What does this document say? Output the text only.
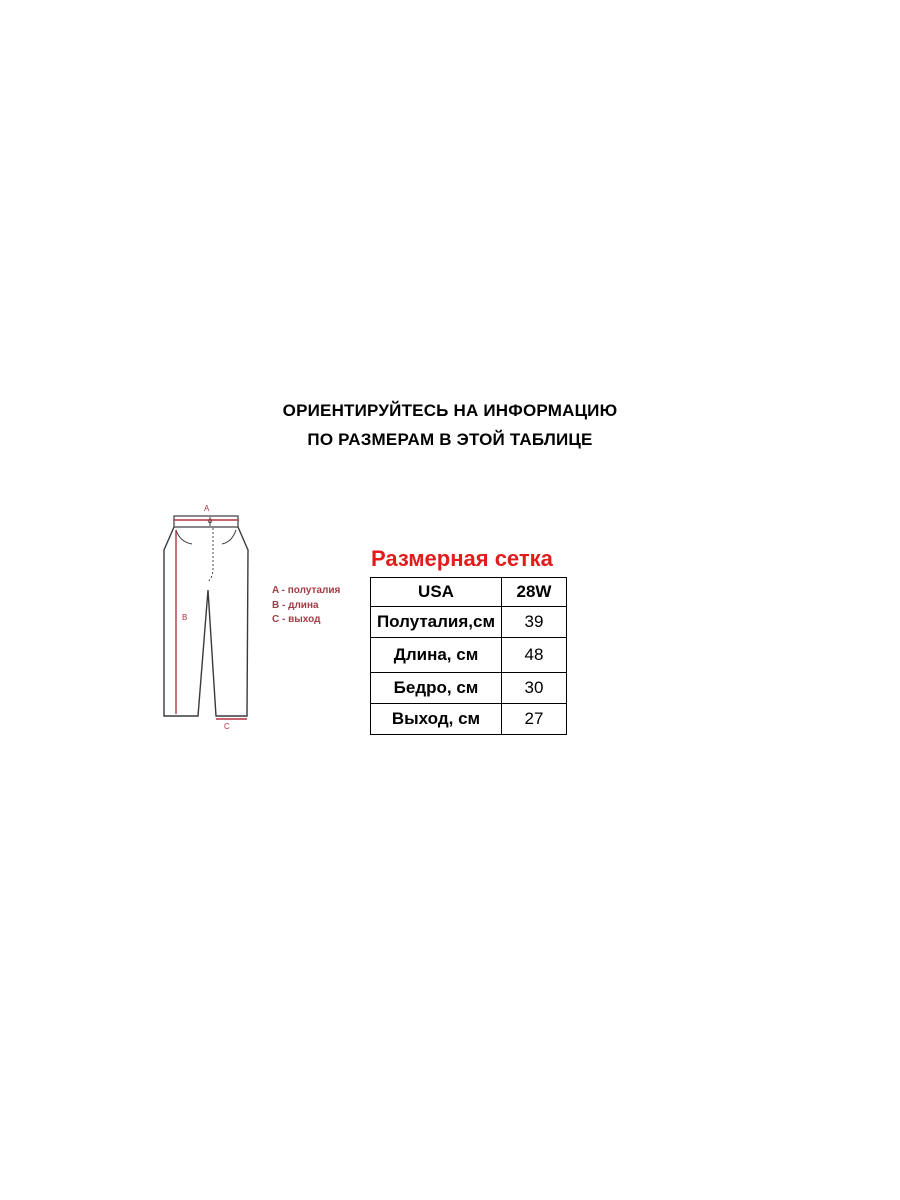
ОРИЕНТИРУЙТЕСЬ НА ИНФОРМАЦИЮ
ПО РАЗМЕРАМ В ЭТОЙ ТАБЛИЦЕ
A
B
C
A - полуталия
B - длина
C - выход
Размерная сетка
USA	28W
Полуталия,см	39
Длина, см	48
Бедро, см	30
Выход, см	27
